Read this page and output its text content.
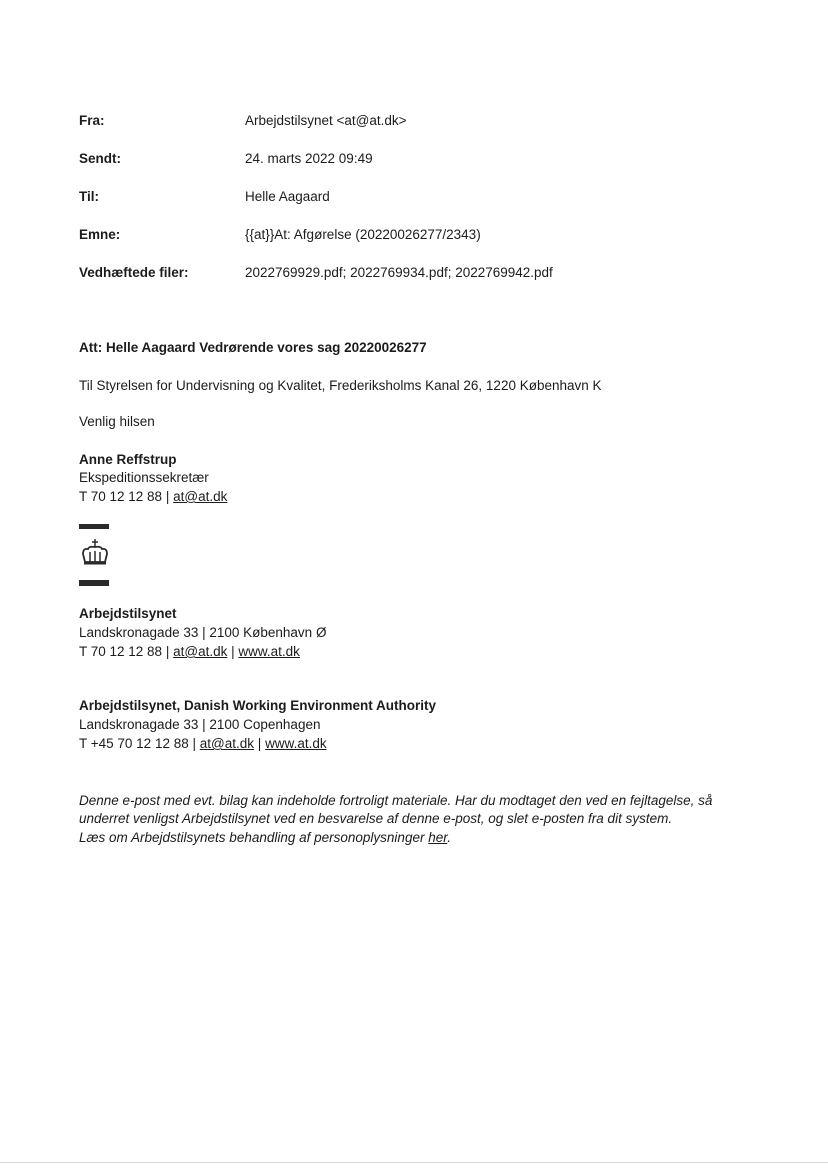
Fra:	Arbejdstilsynet <at@at.dk>
Sendt:	24. marts 2022 09:49
Til:	Helle Aagaard
Emne:	{{at}}At: Afgørelse (20220026277/2343)
Vedhæftede filer:	2022769929.pdf; 2022769934.pdf; 2022769942.pdf
Att: Helle Aagaard Vedrørende vores sag 20220026277
Til Styrelsen for Undervisning og Kvalitet, Frederiksholms Kanal 26, 1220 København K
Venlig hilsen
Anne Reffstrup
Ekspeditionssekretær
T 70 12 12 88 | at@at.dk
Arbejdstilsynet
Landskronagade 33 | 2100 København Ø
T 70 12 12 88 | at@at.dk | www.at.dk
Arbejdstilsynet, Danish Working Environment Authority
Landskronagade 33 | 2100 Copenhagen
T +45 70 12 12 88 | at@at.dk | www.at.dk
Denne e-post med evt. bilag kan indeholde fortroligt materiale. Har du modtaget den ved en fejltagelse, så
underret venligst Arbejdstilsynet ved en besvarelse af denne e-post, og slet e-posten fra dit system.
Læs om Arbejdstilsynets behandling af personoplysninger her.
